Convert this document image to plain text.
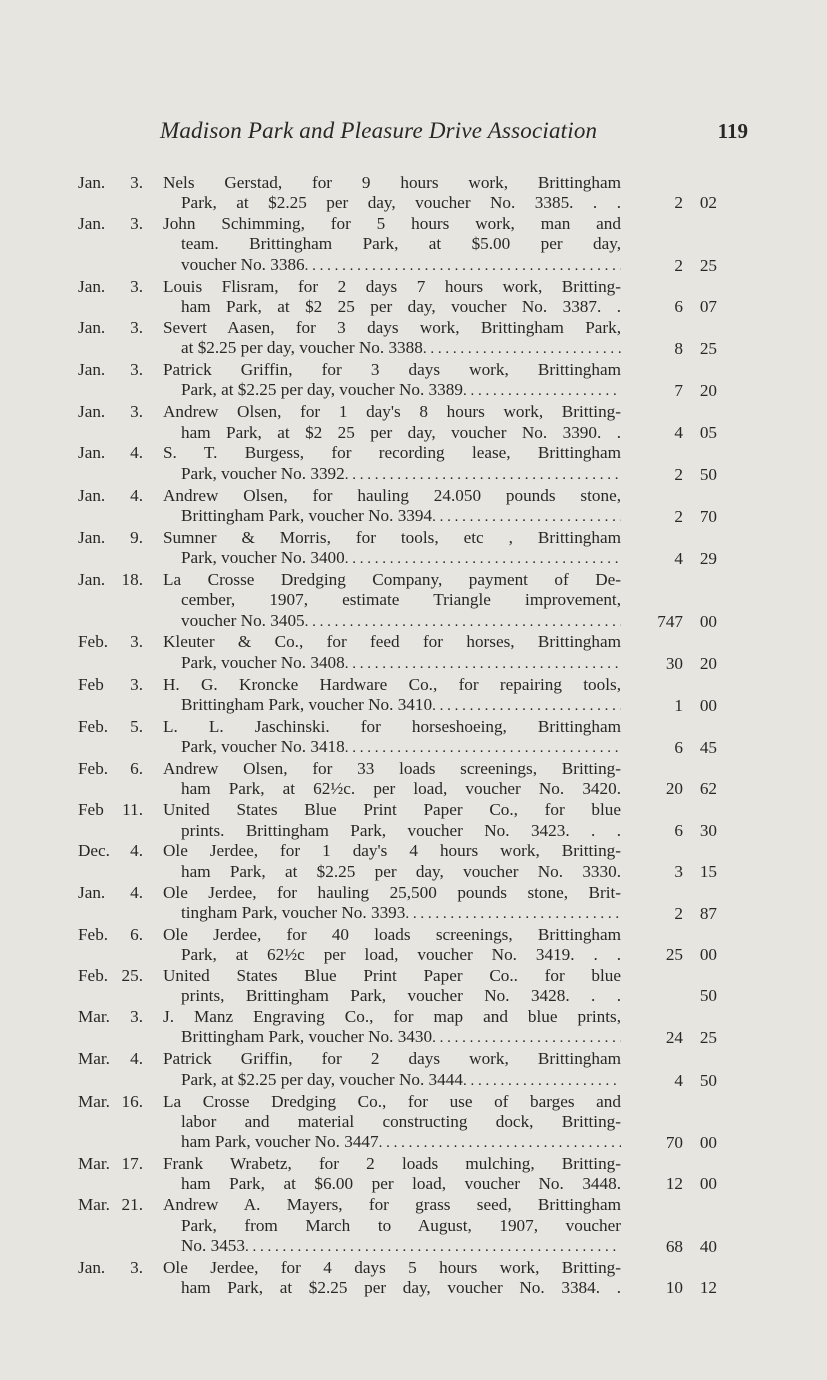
Madison Park and Pleasure Drive Association	119
Jan.	3.	Nels Gerstad, for 9 hours work, Brittingham
Park, at $2.25 per day, voucher No. 3385. . .	2 02
Jan.	3.	John Schimming, for 5 hours work, man and
team. Brittingham Park, at $5.00 per day,
voucher No. 3386 . . .	2 25
Jan.	3.	Louis Flisram, for 2 days 7 hours work, Britting-
ham Park, at $2 25 per day, voucher No. 3387. .	6 07
Jan.	3.	Severt Aasen, for 3 days work, Brittingham Park,
at $2.25 per day, voucher No. 3388 . . .	8 25
Jan.	3.	Patrick Griffin, for 3 days work, Brittingham
Park, at $2.25 per day, voucher No. 3389 . . .	7 20
Jan.	3.	Andrew Olsen, for 1 day's 8 hours work, Britting-
ham Park, at $2 25 per day, voucher No. 3390. .	4 05
Jan.	4.	S. T. Burgess, for recording lease, Brittingham
Park, voucher No. 3392 . . .	2 50
Jan.	4.	Andrew Olsen, for hauling 24.050 pounds stone,
Brittingham Park, voucher No. 3394 . . .	2 70
Jan.	9.	Sumner & Morris, for tools, etc , Brittingham
Park, voucher No. 3400 . . .	4 29
Jan. 18.	La Crosse Dredging Company, payment of De-
cember, 1907, estimate Triangle improvement,
voucher No. 3405 . . .	747 00
Feb.	3.	Kleuter & Co., for feed for horses, Brittingham
Park, voucher No. 3408 . . .	30 20
Feb	3.	H. G. Kroncke Hardware Co., for repairing tools,
Brittingham Park, voucher No. 3410 . . .	1 00
Feb.	5.	L. L. Jaschinski. for horseshoeing, Brittingham
Park, voucher No. 3418 . . .	6 45
Feb.	6.	Andrew Olsen, for 33 loads screenings, Britting-
ham Park, at 62½c. per load, voucher No. 3420.	20 62
Feb	11.	United States Blue Print Paper Co., for blue
prints. Brittingham Park, voucher No. 3423. . .	6 30
Dec.	4.	Ole Jerdee, for 1 day's 4 hours work, Britting-
ham Park, at $2.25 per day, voucher No. 3330.	3 15
Jan.	4.	Ole Jerdee, for hauling 25,500 pounds stone, Brit-
tingham Park, voucher No. 3393 . . .	2 87
Feb.	6.	Ole Jerdee, for 40 loads screenings, Brittingham
Park, at 62½c per load, voucher No. 3419. . .	25 00
Feb. 25.	United States Blue Print Paper Co.. for blue
prints, Brittingham Park, voucher No. 3428. . .	50
Mar.	3.	J. Manz Engraving Co., for map and blue prints,
Brittingham Park, voucher No. 3430 . . .	24 25
Mar.	4.	Patrick Griffin, for 2 days work, Brittingham
Park, at $2.25 per day, voucher No. 3444 . . .	4 50
Mar. 16.	La Crosse Dredging Co., for use of barges and
labor and material constructing dock, Britting-
ham Park, voucher No. 3447 . . .	70 00
Mar. 17.	Frank Wrabetz, for 2 loads mulching, Britting-
ham Park, at $6.00 per load, voucher No. 3448.	12 00
Mar. 21.	Andrew A. Mayers, for grass seed, Brittingham
Park, from March to August, 1907, voucher
No. 3453 . . .	68 40
Jan.	3.	Ole Jerdee, for 4 days 5 hours work, Britting-
ham Park, at $2.25 per day, voucher No. 3384. .	10 12
